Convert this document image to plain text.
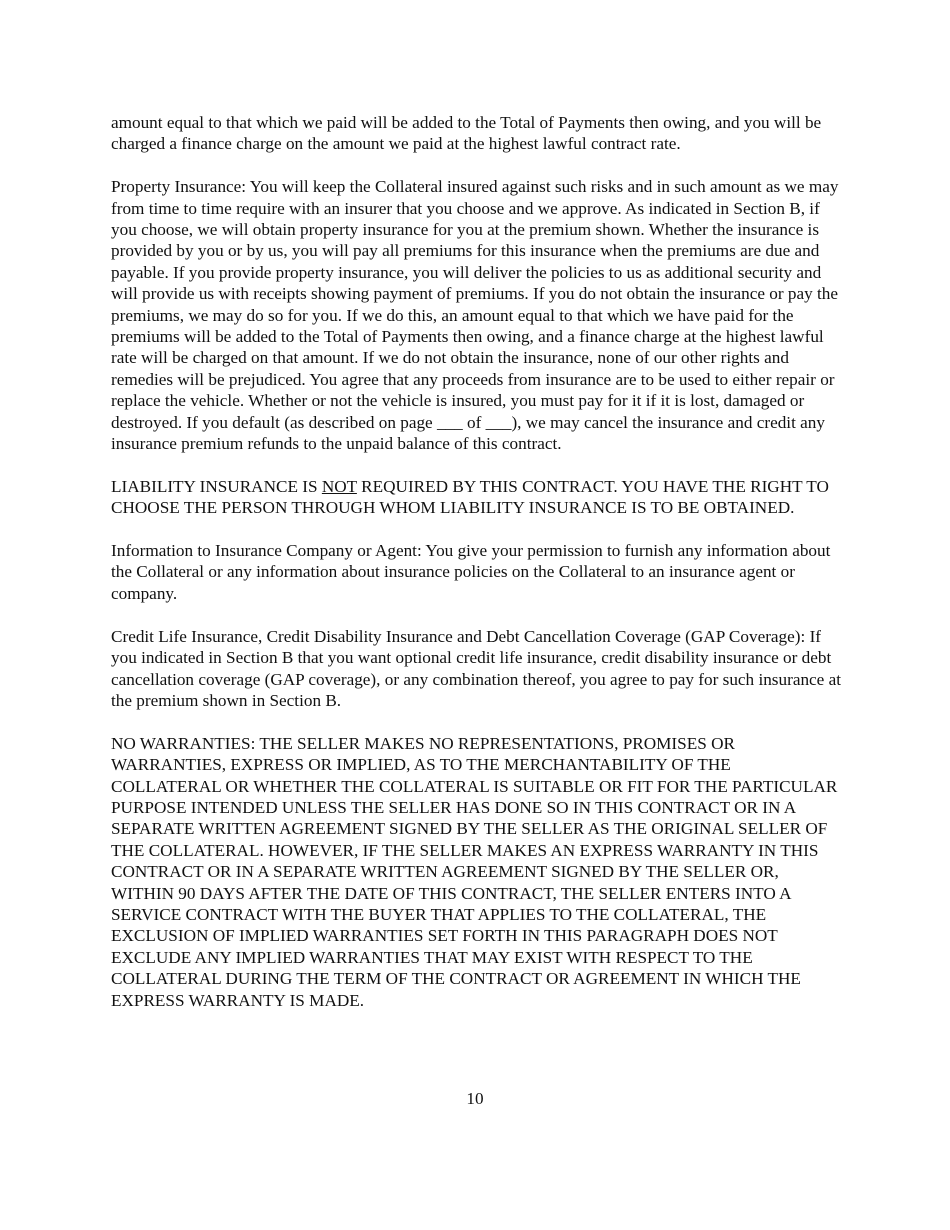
amount equal to that which we paid will be added to the Total of Payments then owing, and you will be charged a finance charge on the amount we paid at the highest lawful contract rate.

Property Insurance: You will keep the Collateral insured against such risks and in such amount as we may from time to time require with an insurer that you choose and we approve. As indicated in Section B, if you choose, we will obtain property insurance for you at the premium shown. Whether the insurance is provided by you or by us, you will pay all premiums for this insurance when the premiums are due and payable. If you provide property insurance, you will deliver the policies to us as additional security and will provide us with receipts showing payment of premiums. If you do not obtain the insurance or pay the premiums, we may do so for you. If we do this, an amount equal to that which we have paid for the premiums will be added to the Total of Payments then owing, and a finance charge at the highest lawful rate will be charged on that amount. If we do not obtain the insurance, none of our other rights and remedies will be prejudiced. You agree that any proceeds from insurance are to be used to either repair or replace the vehicle. Whether or not the vehicle is insured, you must pay for it if it is lost, damaged or destroyed. If you default (as described on page ___ of ___), we may cancel the insurance and credit any insurance premium refunds to the unpaid balance of this contract.

LIABILITY INSURANCE IS NOT REQUIRED BY THIS CONTRACT. YOU HAVE THE RIGHT TO CHOOSE THE PERSON THROUGH WHOM LIABILITY INSURANCE IS TO BE OBTAINED.

Information to Insurance Company or Agent: You give your permission to furnish any information about the Collateral or any information about insurance policies on the Collateral to an insurance agent or company.

Credit Life Insurance, Credit Disability Insurance and Debt Cancellation Coverage (GAP Coverage): If you indicated in Section B that you want optional credit life insurance, credit disability insurance or debt cancellation coverage (GAP coverage), or any combination thereof, you agree to pay for such insurance at the premium shown in Section B.

NO WARRANTIES: THE SELLER MAKES NO REPRESENTATIONS, PROMISES OR WARRANTIES, EXPRESS OR IMPLIED, AS TO THE MERCHANTABILITY OF THE COLLATERAL OR WHETHER THE COLLATERAL IS SUITABLE OR FIT FOR THE PARTICULAR PURPOSE INTENDED UNLESS THE SELLER HAS DONE SO IN THIS CONTRACT OR IN A SEPARATE WRITTEN AGREEMENT SIGNED BY THE SELLER AS THE ORIGINAL SELLER OF THE COLLATERAL. HOWEVER, IF THE SELLER MAKES AN EXPRESS WARRANTY IN THIS CONTRACT OR IN A SEPARATE WRITTEN AGREEMENT SIGNED BY THE SELLER OR, WITHIN 90 DAYS AFTER THE DATE OF THIS CONTRACT, THE SELLER ENTERS INTO A SERVICE CONTRACT WITH THE BUYER THAT APPLIES TO THE COLLATERAL, THE EXCLUSION OF IMPLIED WARRANTIES SET FORTH IN THIS PARAGRAPH DOES NOT EXCLUDE ANY IMPLIED WARRANTIES THAT MAY EXIST WITH RESPECT TO THE COLLATERAL DURING THE TERM OF THE CONTRACT OR AGREEMENT IN WHICH THE EXPRESS WARRANTY IS MADE.

10
